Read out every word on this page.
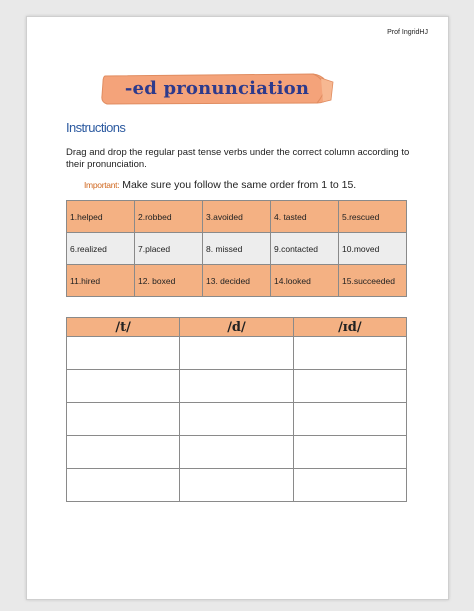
Prof IngridHJ
-ed pronunciation
Instructions
Drag and drop the regular past tense verbs under the correct column according to their pronunciation.
Important: Make sure you follow the same order from 1 to 15.
1.helped	2.robbed	3.avoided	4. tasted	5.rescued
6.realized	7.placed	8. missed	9.contacted	10.moved
11.hired	12. boxed	13. decided	14.looked	15.succeeded
/t/	/d/	/ɪd/
